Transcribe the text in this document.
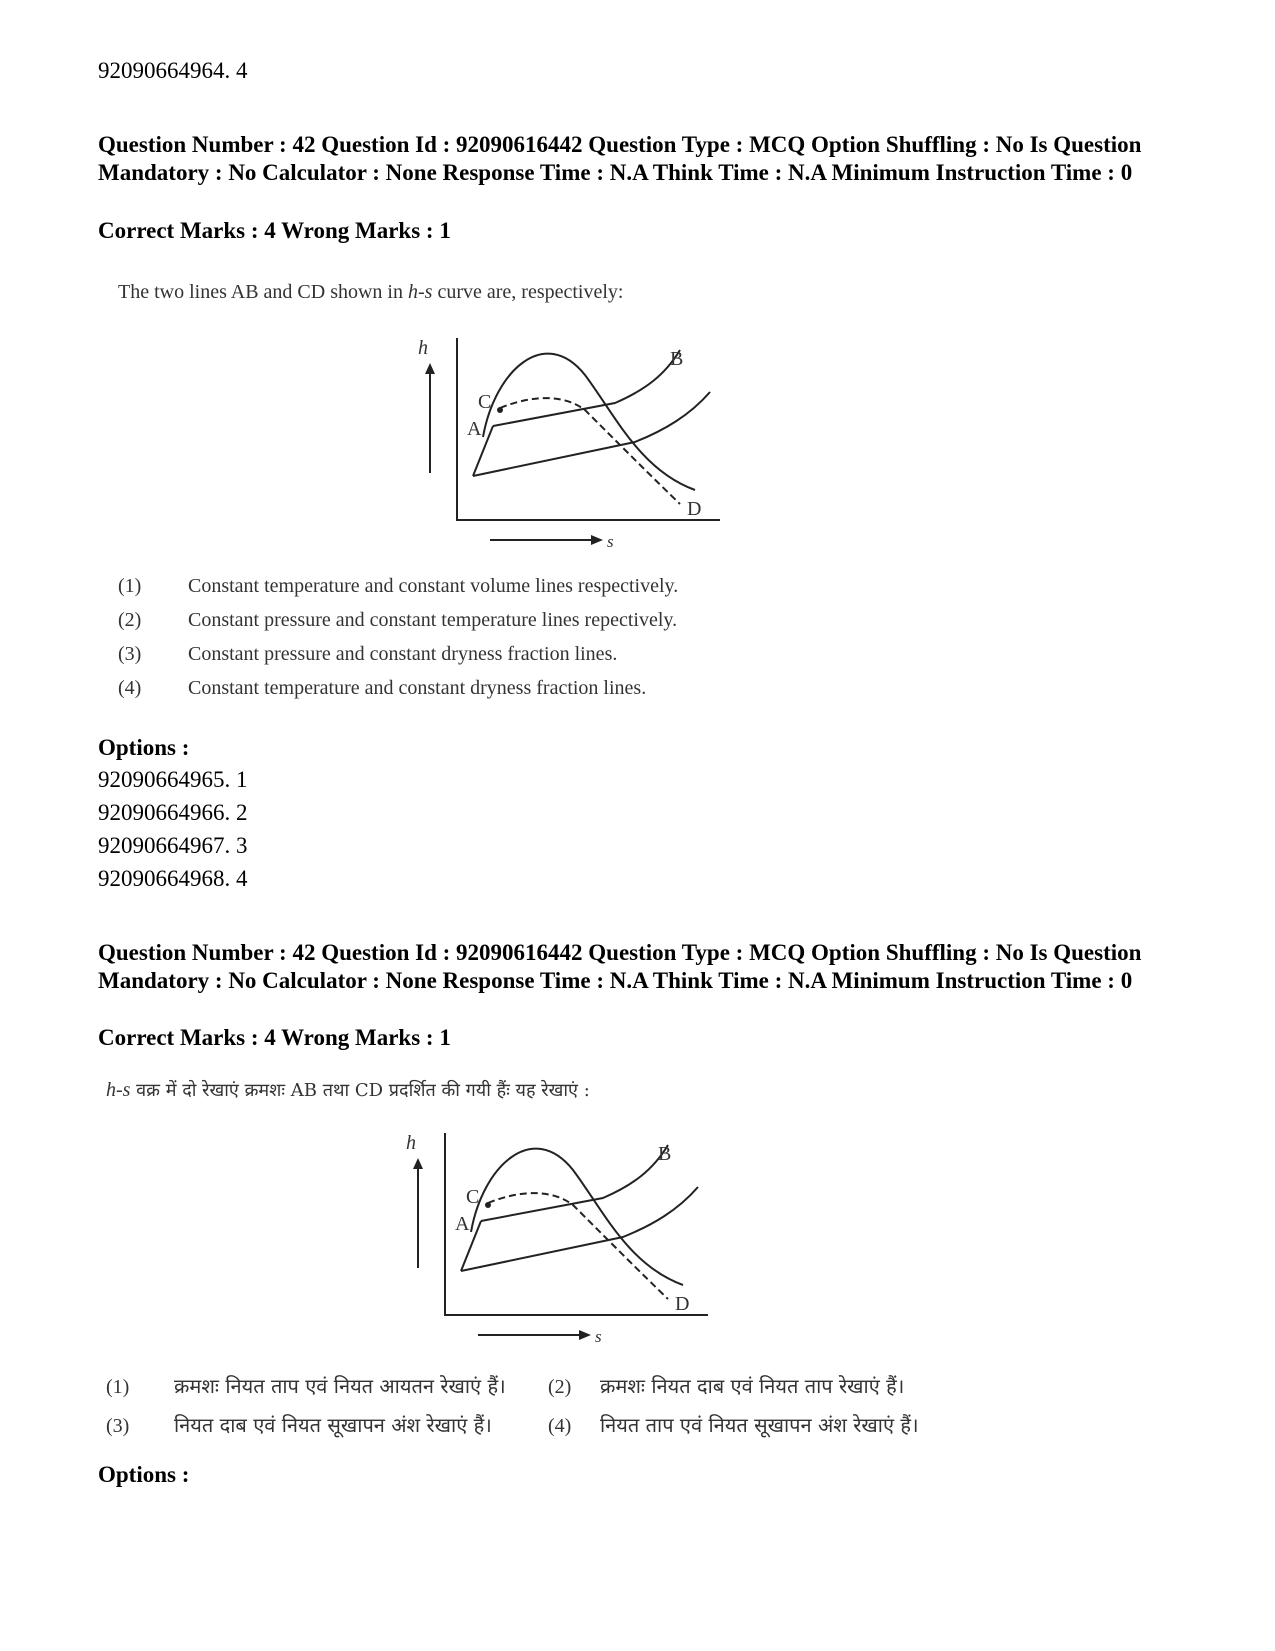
92090664964. 4
Question Number : 42 Question Id : 92090616442 Question Type : MCQ Option Shuffling : No Is Question Mandatory : No Calculator : None Response Time : N.A Think Time : N.A Minimum Instruction Time : 0
Correct Marks : 4 Wrong Marks : 1
The two lines AB and CD shown in h-s curve are, respectively:
h
s
A
B
C
D
(1) Constant temperature and constant volume lines respectively.
(2) Constant pressure and constant temperature lines repectively.
(3) Constant pressure and constant dryness fraction lines.
(4) Constant temperature and constant dryness fraction lines.
Options :
92090664965. 1
92090664966. 2
92090664967. 3
92090664968. 4
Question Number : 42 Question Id : 92090616442 Question Type : MCQ Option Shuffling : No Is Question Mandatory : No Calculator : None Response Time : N.A Think Time : N.A Minimum Instruction Time : 0
Correct Marks : 4 Wrong Marks : 1
h-s वक्र में दो रेखाएं क्रमशः AB तथा CD प्रदर्शित की गयी हैंः यह रेखाएं :
h
s
A
B
C
D
(1) क्रमशः नियत ताप एवं नियत आयतन रेखाएं हैं। (2) क्रमशः नियत दाब एवं नियत ताप रेखाएं हैं।
(3) नियत दाब एवं नियत सूखापन अंश रेखाएं हैं।	(4) नियत ताप एवं नियत सूखापन अंश रेखाएं हैं।
Options :
